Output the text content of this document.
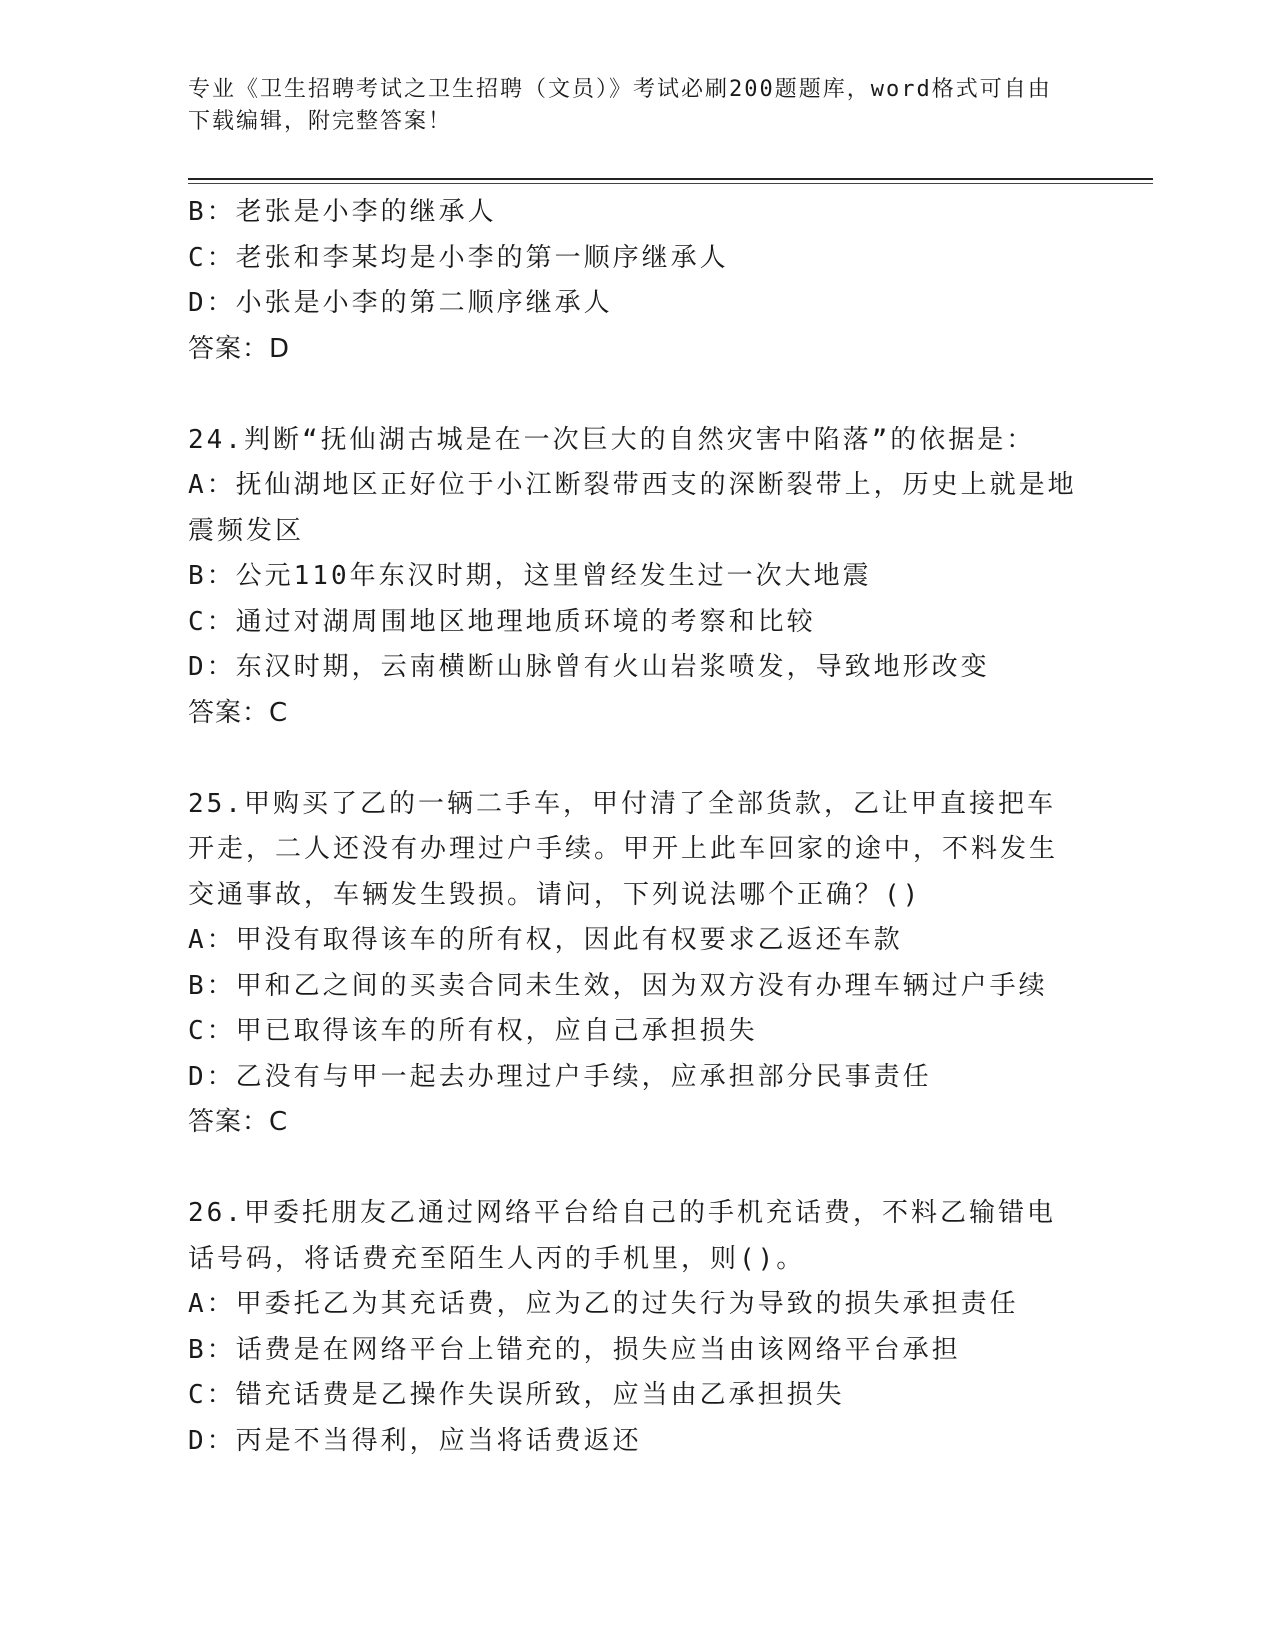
专业《卫生招聘考试之卫生招聘（文员）》考试必刷200题题库，word格式可自由下载编辑，附完整答案！
B：老张是小李的继承人
C：老张和李某均是小李的第一顺序继承人
D：小张是小李的第二顺序继承人
答案：D
24.判断“抚仙湖古城是在一次巨大的自然灾害中陷落”的依据是：
A：抚仙湖地区正好位于小江断裂带西支的深断裂带上，历史上就是地震频发区
B：公元110年东汉时期，这里曾经发生过一次大地震
C：通过对湖周围地区地理地质环境的考察和比较
D：东汉时期，云南横断山脉曾有火山岩浆喷发，导致地形改变
答案：C
25.甲购买了乙的一辆二手车，甲付清了全部货款，乙让甲直接把车开走，二人还没有办理过户手续。甲开上此车回家的途中，不料发生交通事故，车辆发生毁损。请问，下列说法哪个正确？()
A：甲没有取得该车的所有权，因此有权要求乙返还车款
B：甲和乙之间的买卖合同未生效，因为双方没有办理车辆过户手续
C：甲已取得该车的所有权，应自己承担损失
D：乙没有与甲一起去办理过户手续，应承担部分民事责任
答案：C
26.甲委托朋友乙通过网络平台给自己的手机充话费，不料乙输错电话号码，将话费充至陌生人丙的手机里，则()。
A：甲委托乙为其充话费，应为乙的过失行为导致的损失承担责任
B：话费是在网络平台上错充的，损失应当由该网络平台承担
C：错充话费是乙操作失误所致，应当由乙承担损失
D：丙是不当得利，应当将话费返还
